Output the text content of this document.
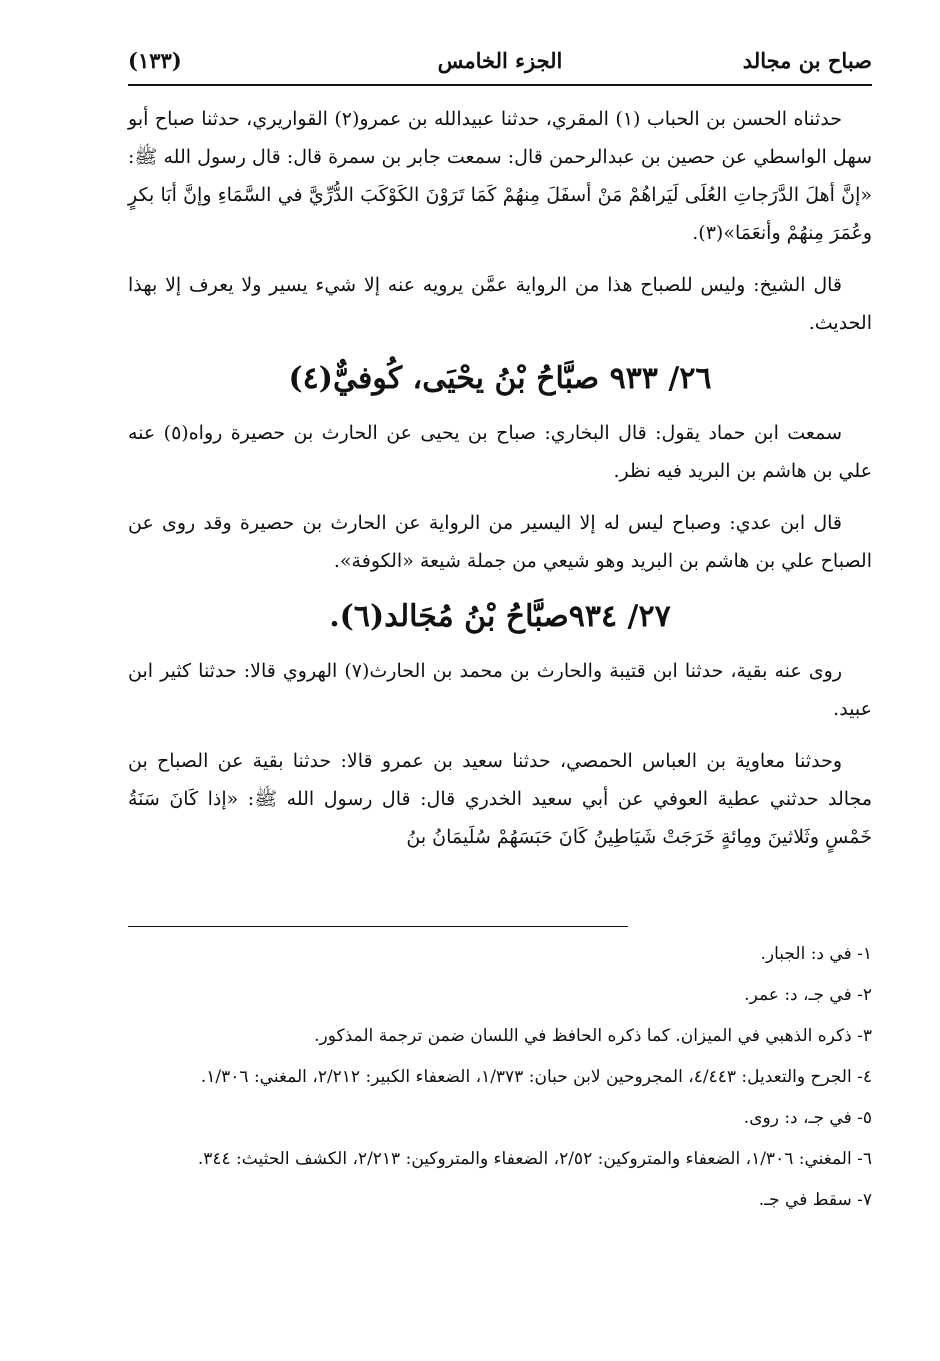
صباح بن مجالد
الجزء الخامس
(١٣٣)

حدثناه الحسن بن الحباب (١) المقري، حدثنا عبيدالله بن عمرو(٢) القواريري، حدثنا صباح أبو سهل الواسطي عن حصين بن عبدالرحمن قال: سمعت جابر بن سمرة قال: قال رسول الله ﷺ: «إنَّ أهلَ الدَّرَجاتِ العُلَى لَيَراهُمْ مَنْ أسفَلَ مِنهُمْ كَمَا تَرَوْنَ الكَوْكَبَ الدُّرِّيَّ في السَّمَاءِ وإنَّ أبَا بكرٍ وعُمَرَ مِنهُمْ وأنعَمَا»(٣).

قال الشيخ: وليس للصباح هذا من الرواية عمَّن يرويه عنه إلا شيء يسير ولا يعرف إلا بهذا الحديث.

٢٦/ ٩٣٣ صبَّاحُ بْنُ يحْيَى، كُوفيٌّ(٤)

سمعت ابن حماد يقول: قال البخاري: صباح بن يحيى عن الحارث بن حصيرة رواه(٥) عنه علي بن هاشم بن البريد فيه نظر.

قال ابن عدي: وصباح ليس له إلا اليسير من الرواية عن الحارث بن حصيرة وقد روى عن الصباح علي بن هاشم بن البريد وهو شيعي من جملة شيعة «الكوفة».

٢٧/ ٩٣٤صبَّاحُ بْنُ مُجَالد(٦).

روى عنه بقية، حدثنا ابن قتيبة والحارث بن محمد بن الحارث(٧) الهروي قالا: حدثنا كثير ابن عبيد.

وحدثنا معاوية بن العباس الحمصي، حدثنا سعيد بن عمرو قالا: حدثنا بقية عن الصباح بن مجالد حدثني عطية العوفي عن أبي سعيد الخدري قال: قال رسول الله ﷺ: «إذا كَانَ سَنَةُ خَمْسٍ وثَلاثينَ ومِائةٍ خَرَجَتْ شَيَاطِينُ كَانَ حَبَسَهُمْ سُلَيمَانُ بنُ

١- في د: الجبار.
٢- في جـ، د: عمر.
٣- ذكره الذهبي في الميزان. كما ذكره الحافظ في اللسان ضمن ترجمة المذكور.
٤- الجرح والتعديل: ٤/٤٤٣، المجروحين لابن حبان: ١/٣٧٣، الضعفاء الكبير: ٢/٢١٢، المغني: ١/٣٠٦.
٥- في جـ، د: روى.
٦- المغني: ١/٣٠٦، الضعفاء والمتروكين: ٢/٥٢، الضعفاء والمتروكين: ٢/٢١٣، الكشف الحثيث: ٣٤٤.
٧- سقط في جـ.
